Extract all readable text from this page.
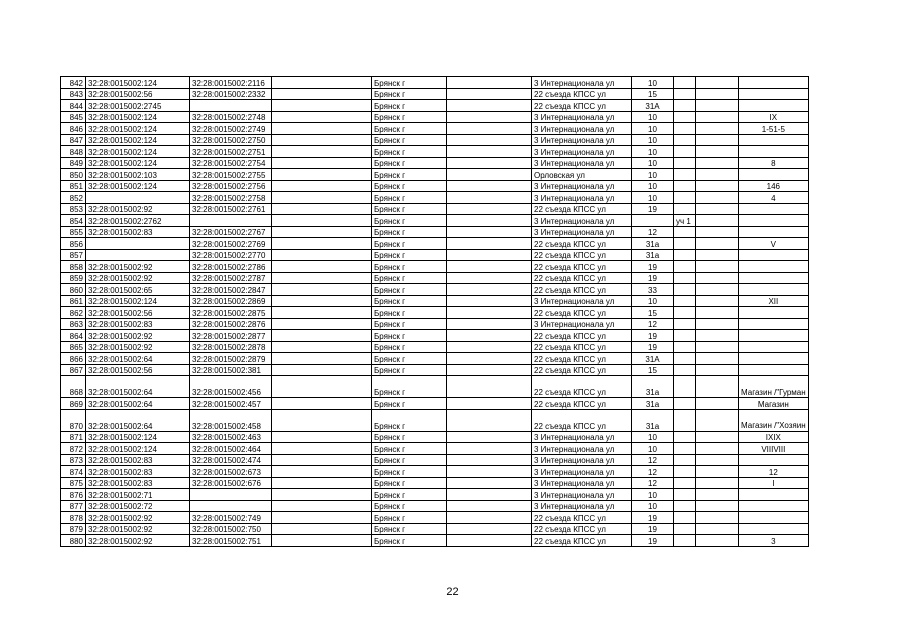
842	32:28:0015002:124	32:28:0015002:2116		Брянск г		3 Интернационала ул	10			
843	32:28:0015002:56	32:28:0015002:2332		Брянск г		22 съезда КПСС ул	15			
844	32:28:0015002:2745			Брянск г		22 съезда КПСС ул	31А			
845	32:28:0015002:124	32:28:0015002:2748		Брянск г		3 Интернационала ул	10			IX
846	32:28:0015002:124	32:28:0015002:2749		Брянск г		3 Интернационала ул	10			1-51-5
847	32:28:0015002:124	32:28:0015002:2750		Брянск г		3 Интернационала ул	10			
848	32:28:0015002:124	32:28:0015002:2751		Брянск г		3 Интернационала ул	10			
849	32:28:0015002:124	32:28:0015002:2754		Брянск г		3 Интернационала ул	10			8
850	32:28:0015002:103	32:28:0015002:2755		Брянск г		Орловская ул	10			
851	32:28:0015002:124	32:28:0015002:2756		Брянск г		3 Интернационала ул	10			146
852		32:28:0015002:2758		Брянск г		3 Интернационала ул	10			4
853	32:28:0015002:92	32:28:0015002:2761		Брянск г		22 съезда КПСС ул	19			
854	32:28:0015002:2762			Брянск г		3 Интернационала ул		уч 1		
855	32:28:0015002:83	32:28:0015002:2767		Брянск г		3 Интернационала ул	12			
856		32:28:0015002:2769		Брянск г		22 съезда КПСС ул	31а			V
857		32:28:0015002:2770		Брянск г		22 съезда КПСС ул	31а			
858	32:28:0015002:92	32:28:0015002:2786		Брянск г		22 съезда КПСС ул	19			
859	32:28:0015002:92	32:28:0015002:2787		Брянск г		22 съезда КПСС ул	19			
860	32:28:0015002:65	32:28:0015002:2847		Брянск г		22 съезда КПСС ул	33			
861	32:28:0015002:124	32:28:0015002:2869		Брянск г		3 Интернационала ул	10			XII
862	32:28:0015002:56	32:28:0015002:2875		Брянск г		22 съезда КПСС ул	15			
863	32:28:0015002:83	32:28:0015002:2876		Брянск г		3 Интернационала ул	12			
864	32:28:0015002:92	32:28:0015002:2877		Брянск г		22 съезда КПСС ул	19			
865	32:28:0015002:92	32:28:0015002:2878		Брянск г		22 съезда КПСС ул	19			
866	32:28:0015002:64	32:28:0015002:2879		Брянск г		22 съезда КПСС ул	31А			
867	32:28:0015002:56	32:28:0015002:381		Брянск г		22 съезда КПСС ул	15			
868	32:28:0015002:64	32:28:0015002:456		Брянск г		22 съезда КПСС ул	31а			Магазин /"Гурман
869	32:28:0015002:64	32:28:0015002:457		Брянск г		22 съезда КПСС ул	31а			Магазин
870	32:28:0015002:64	32:28:0015002:458		Брянск г		22 съезда КПСС ул	31а			Магазин /"Хозяин
871	32:28:0015002:124	32:28:0015002:463		Брянск г		3 Интернационала ул	10			IXIX
872	32:28:0015002:124	32:28:0015002:464		Брянск г		3 Интернационала ул	10			VIIIVIII
873	32:28:0015002:83	32:28:0015002:474		Брянск г		3 Интернационала ул	12			
874	32:28:0015002:83	32:28:0015002:673		Брянск г		3 Интернационала ул	12			12
875	32:28:0015002:83	32:28:0015002:676		Брянск г		3 Интернационала ул	12			I
876	32:28:0015002:71			Брянск г		3 Интернационала ул	10			
877	32:28:0015002:72			Брянск г		3 Интернационала ул	10			
878	32:28:0015002:92	32:28:0015002:749		Брянск г		22 съезда КПСС ул	19			
879	32:28:0015002:92	32:28:0015002:750		Брянск г		22 съезда КПСС ул	19			
880	32:28:0015002:92	32:28:0015002:751		Брянск г		22 съезда КПСС ул	19			3
22
